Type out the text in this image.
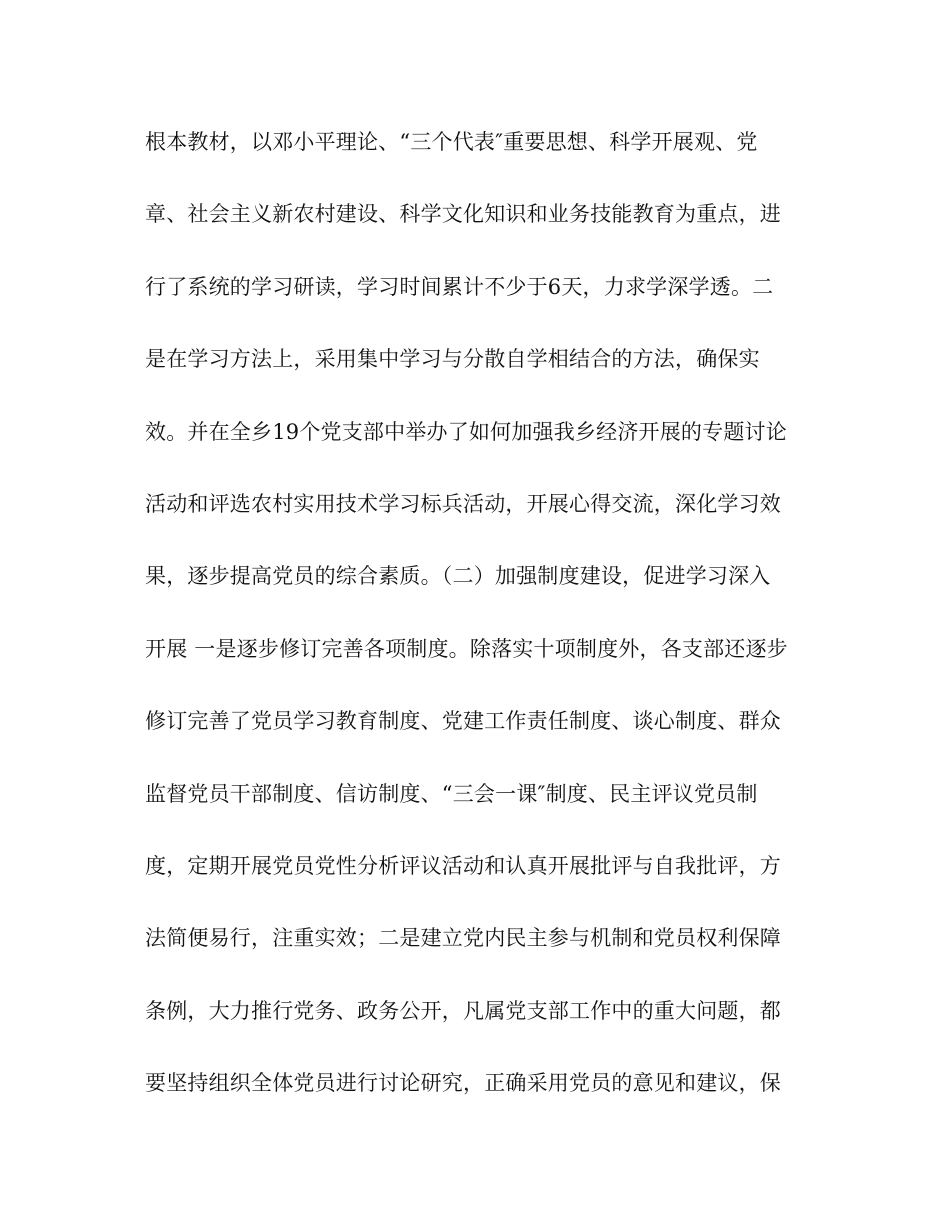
根本教材，以邓小平理论、“三个代表″重要思想、科学开展观、党
章、社会主义新农村建设、科学文化知识和业务技能教育为重点，进
行了系统的学习研读，学习时间累计不少于6天，力求学深学透。二
是在学习方法上，采用集中学习与分散自学相结合的方法，确保实
效。并在全乡19个党支部中举办了如何加强我乡经济开展的专题讨论
活动和评选农村实用技术学习标兵活动，开展心得交流，深化学习效
果，逐步提高党员的综合素质。（二）加强制度建设，促进学习深入
开展 一是逐步修订完善各项制度。除落实十项制度外，各支部还逐步
修订完善了党员学习教育制度、党建工作责任制度、谈心制度、群众
监督党员干部制度、信访制度、“三会一课″制度、民主评议党员制
度，定期开展党员党性分析评议活动和认真开展批评与自我批评，方
法简便易行，注重实效；二是建立党内民主参与机制和党员权利保障
条例，大力推行党务、政务公开，凡属党支部工作中的重大问题，都
要坚持组织全体党员进行讨论研究，正确采用党员的意见和建议，保
